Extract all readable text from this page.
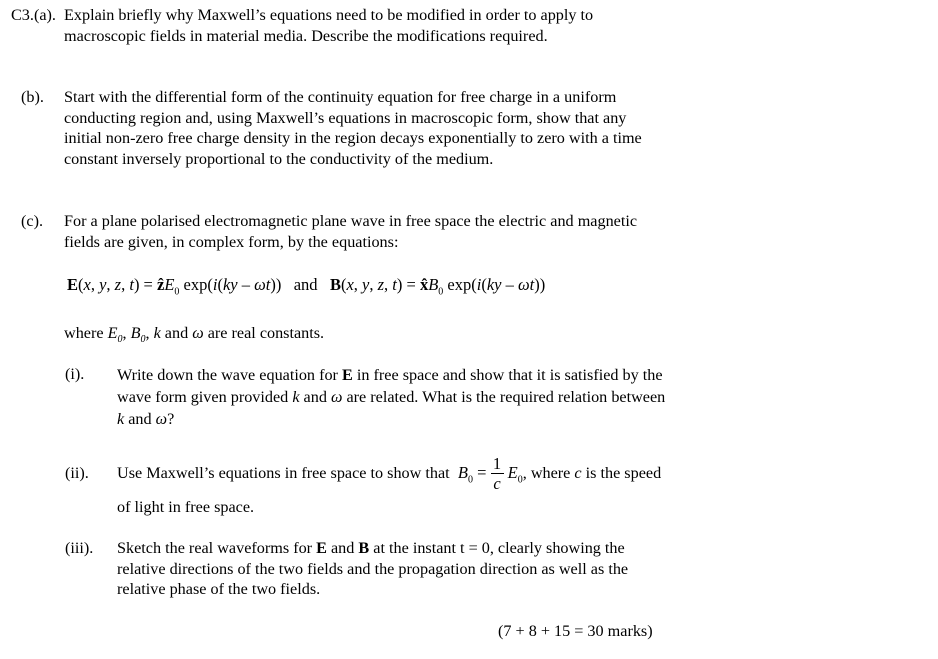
C3.(a). Explain briefly why Maxwell’s equations need to be modified in order to apply to
macroscopic fields in material media. Describe the modifications required.
(b). Start with the differential form of the continuity equation for free charge in a uniform
conducting region and, using Maxwell’s equations in macroscopic form, show that any
initial non-zero free charge density in the region decays exponentially to zero with a time
constant inversely proportional to the conductivity of the medium.
(c). For a plane polarised electromagnetic plane wave in free space the electric and magnetic
fields are given, in complex form, by the equations:
E(x, y, z, t) = ẑE$_0$ exp(i(ky – ωt))   and B(x, y, z, $t) = x̂B_0$ exp(i(ky – ωt))
where $E_0$, $B_0$, k and ω are real constants.
(i). Write down the wave equation for E in free space and show that it is satisfied by the
wave form given provided k and ω are related. What is the required relation between
k and ω?
(ii). Use Maxwell’s equations in free space to show that $B_0 = \frac{1}{c} E_0$, where c is the speed
of light in free space.
(iii). Sketch the real waveforms for E and B at the instant t = 0, clearly showing the
relative directions of the two fields and the propagation direction as well as the
relative phase of the two fields.
(7 + 8 + 15 = 30 marks)
